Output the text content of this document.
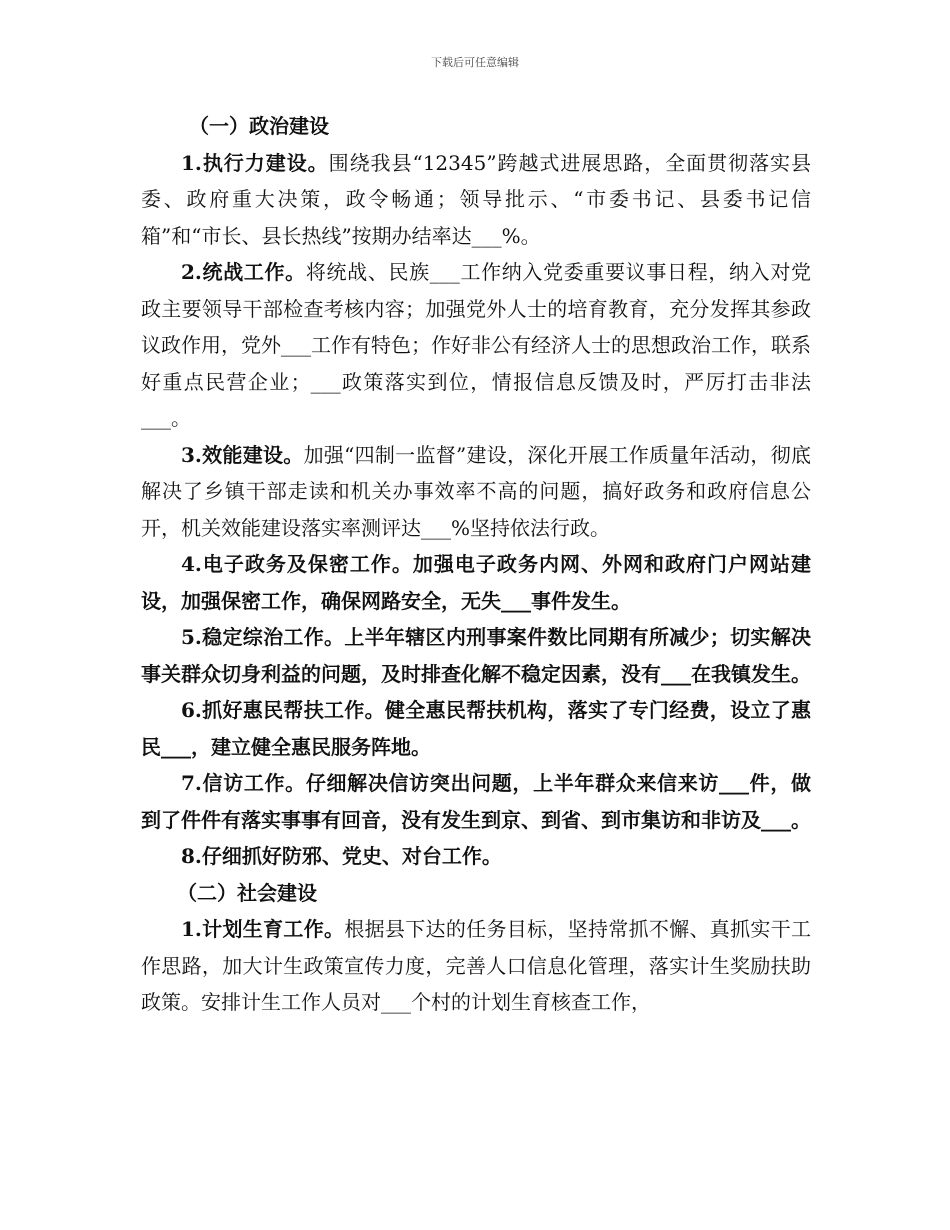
下载后可任意编辑

（一）政治建设

1.执行力建设。围绕我县“12345”跨越式进展思路，全面贯彻落实县委、政府重大决策，政令畅通；领导批示、“市委书记、县委书记信箱”和“市长、县长热线”按期办结率达___%。

2.统战工作。将统战、民族___工作纳入党委重要议事日程，纳入对党政主要领导干部检查考核内容；加强党外人士的培育教育，充分发挥其参政议政作用，党外___工作有特色；作好非公有经济人士的思想政治工作，联系好重点民营企业；___政策落实到位，情报信息反馈及时，严厉打击非法___。

3.效能建设。加强“四制一监督”建设，深化开展工作质量年活动，彻底解决了乡镇干部走读和机关办事效率不高的问题，搞好政务和政府信息公开，机关效能建设落实率测评达___%坚持依法行政。

4.电子政务及保密工作。加强电子政务内网、外网和政府门户网站建设，加强保密工作，确保网路安全，无失___事件发生。

5.稳定综治工作。上半年辖区内刑事案件数比同期有所减少；切实解决事关群众切身利益的问题，及时排查化解不稳定因素，没有___在我镇发生。

6.抓好惠民帮扶工作。健全惠民帮扶机构，落实了专门经费，设立了惠民___，建立健全惠民服务阵地。

7.信访工作。仔细解决信访突出问题，上半年群众来信来访___件，做到了件件有落实事事有回音，没有发生到京、到省、到市集访和非访及___。

8.仔细抓好防邪、党史、对台工作。

（二）社会建设

1.计划生育工作。根据县下达的任务目标，坚持常抓不懈、真抓实干工作思路，加大计生政策宣传力度，完善人口信息化管理，落实计生奖励扶助政策。安排计生工作人员对___个村的计划生育核查工作，
